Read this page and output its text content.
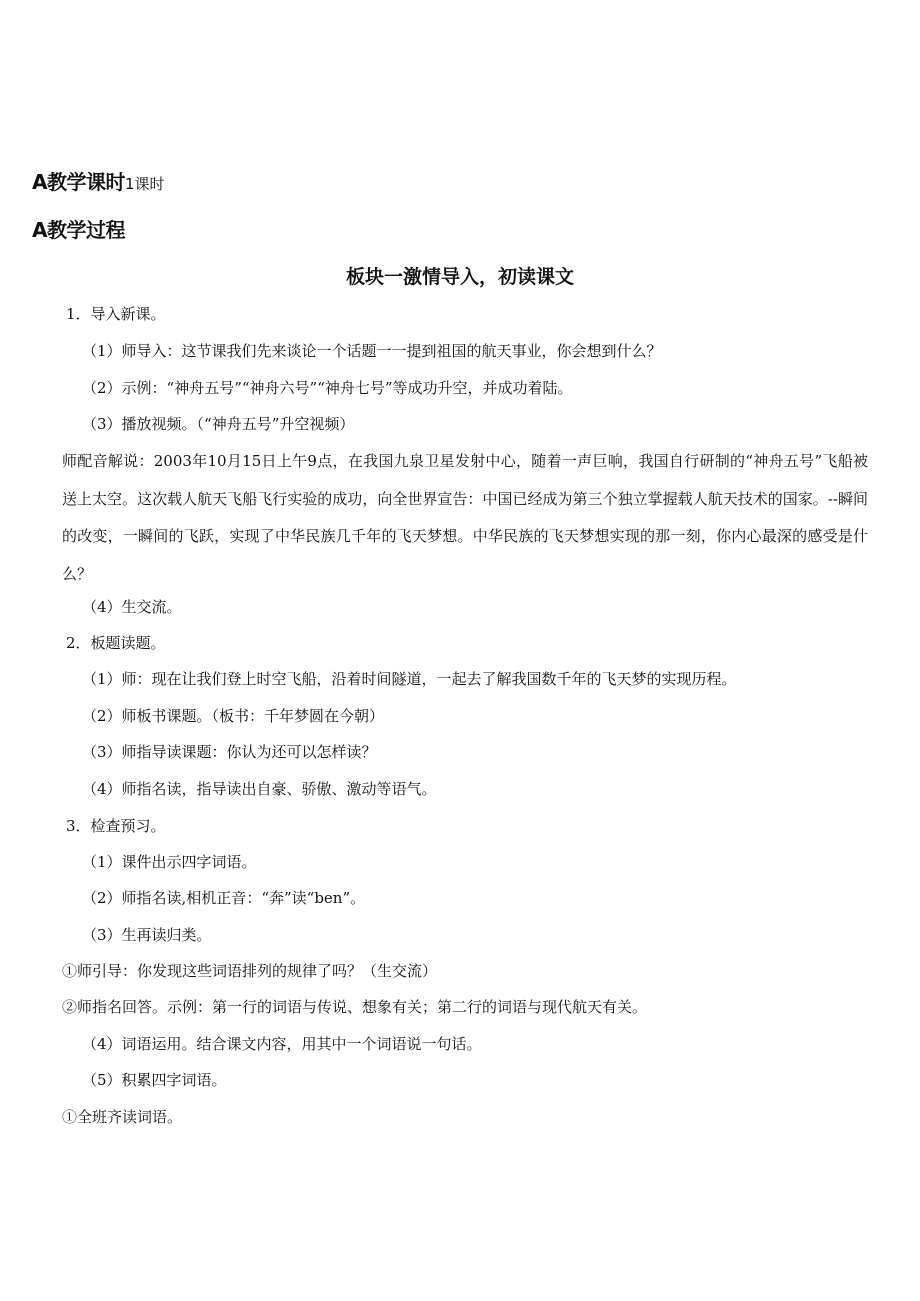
A教学课时1课时
A教学过程
板块一激情导入，初读课文

1．导入新课。

（1）师导入：这节课我们先来谈论一个话题一一提到祖国的航天事业，你会想到什么？

（2）示例：“神舟五号”“神舟六号”“神舟七号”等成功升空，并成功着陆。

（3）播放视频。（“神舟五号”升空视频）

师配音解说：2003年10月15日上午9点，在我国九泉卫星发射中心，随着一声巨响，我国自行研制的“神舟五号”飞船被送上太空。这次载人航天飞船飞行实验的成功，向全世界宣告：中国已经成为第三个独立掌握载人航天技术的国家。--瞬间的改变，一瞬间的飞跃，实现了中华民族几千年的飞天梦想。中华民族的飞天梦想实现的那一刻，你内心最深的感受是什么？

（4）生交流。

2．板题读题。

（1）师：现在让我们登上时空飞船，沿着时间隧道，一起去了解我国数千年的飞天梦的实现历程。

（2）师板书课题。（板书：千年梦圆在今朝）

（3）师指导读课题：你认为还可以怎样读？

（4）师指名读，指导读出自豪、骄傲、激动等语气。

3．检查预习。

（1）课件出示四字词语。

（2）师指名读,相机正音：“奔”读“ben”。

（3）生再读归类。

①师引导：你发现这些词语排列的规律了吗？（生交流）

②师指名回答。示例：第一行的词语与传说、想象有关；第二行的词语与现代航天有关。

（4）词语运用。结合课文内容，用其中一个词语说一句话。

（5）积累四字词语。

①全班齐读词语。
